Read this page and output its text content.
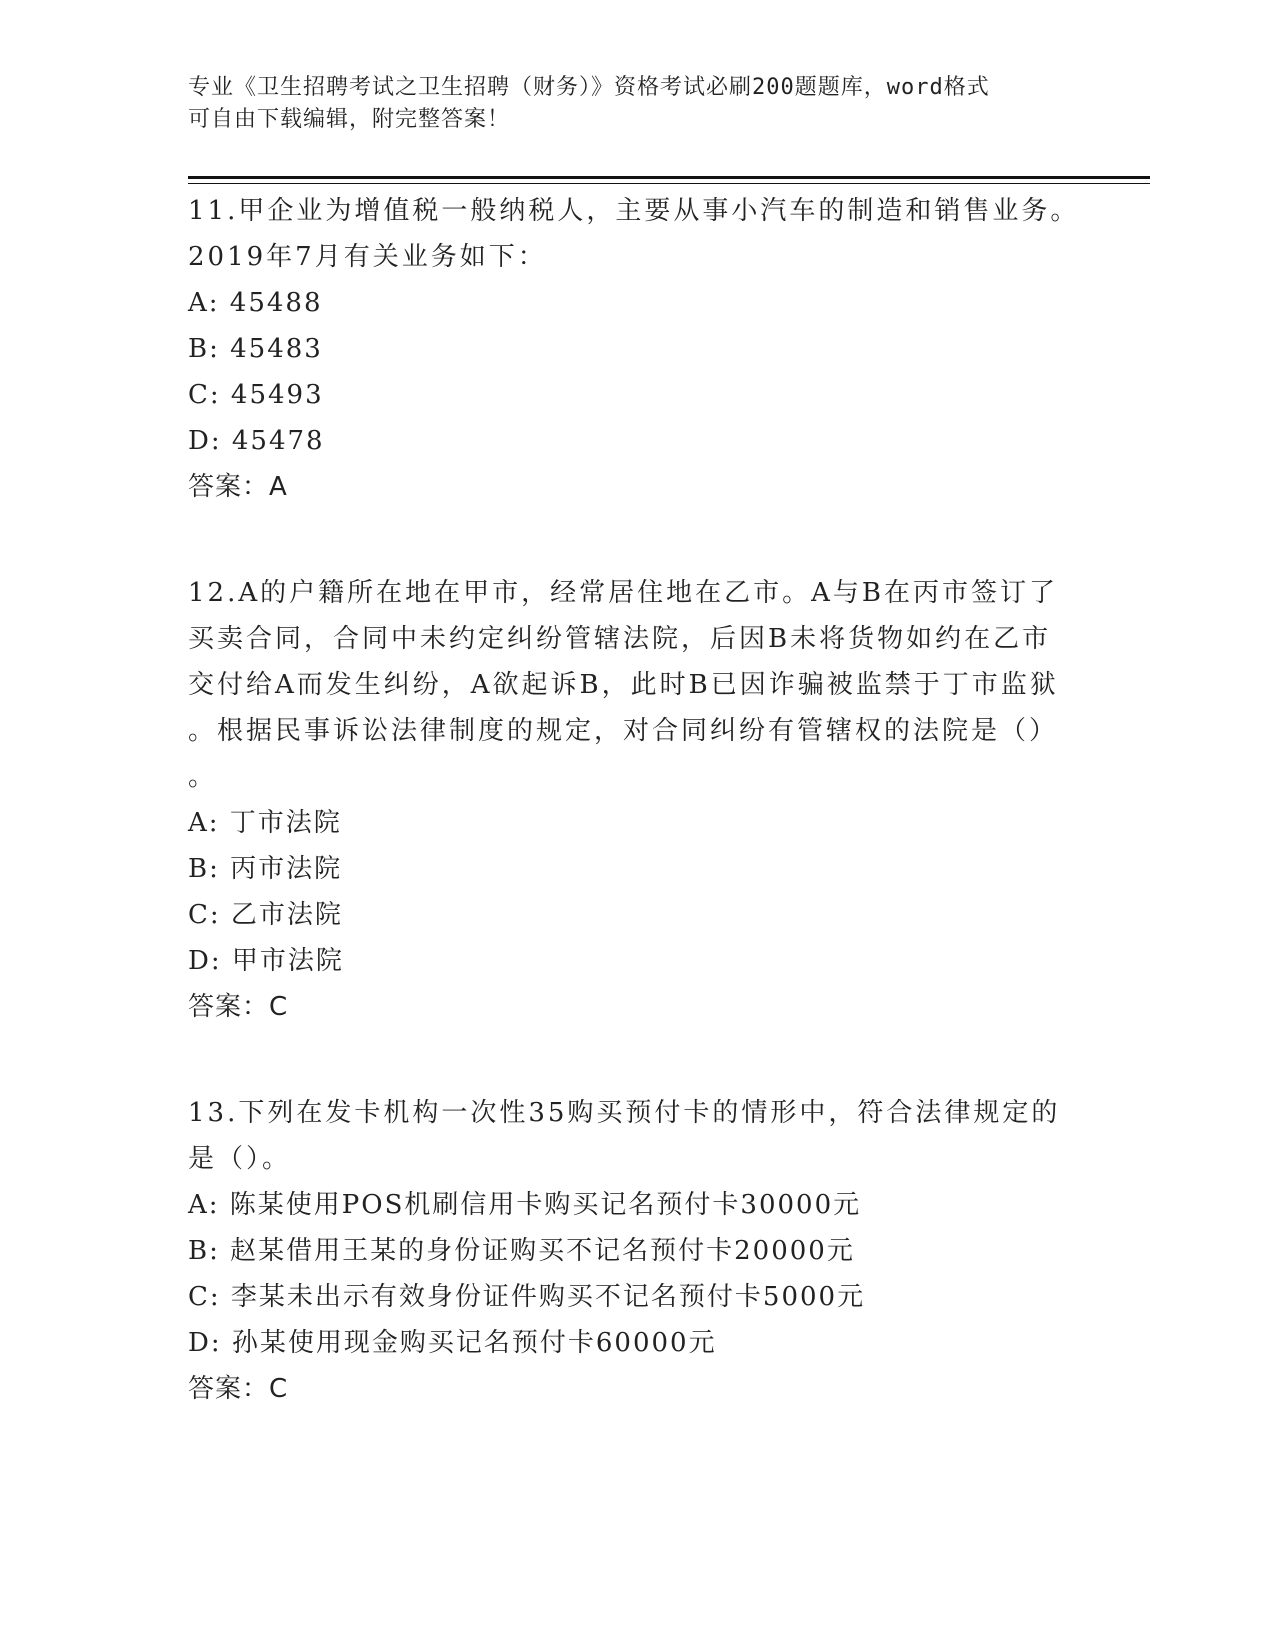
专业《卫生招聘考试之卫生招聘（财务）》资格考试必刷200题题库，word格式
可自由下载编辑，附完整答案！
11.甲企业为增值税一般纳税人，主要从事小汽车的制造和销售业务。
2019年7月有关业务如下：
A: 45488
B: 45483
C: 45493
D: 45478
答案：A
12.A的户籍所在地在甲市，经常居住地在乙市。A与B在丙市签订了
买卖合同，合同中未约定纠纷管辖法院，后因B未将货物如约在乙市
交付给A而发生纠纷，A欲起诉B，此时B已因诈骗被监禁于丁市监狱
。根据民事诉讼法律制度的规定，对合同纠纷有管辖权的法院是（）
。
A: 丁市法院
B: 丙市法院
C: 乙市法院
D: 甲市法院
答案：C
13.下列在发卡机构一次性35购买预付卡的情形中，符合法律规定的
是（）。
A: 陈某使用POS机刷信用卡购买记名预付卡30000元
B: 赵某借用王某的身份证购买不记名预付卡20000元
C: 李某未出示有效身份证件购买不记名预付卡5000元
D: 孙某使用现金购买记名预付卡60000元
答案：C
